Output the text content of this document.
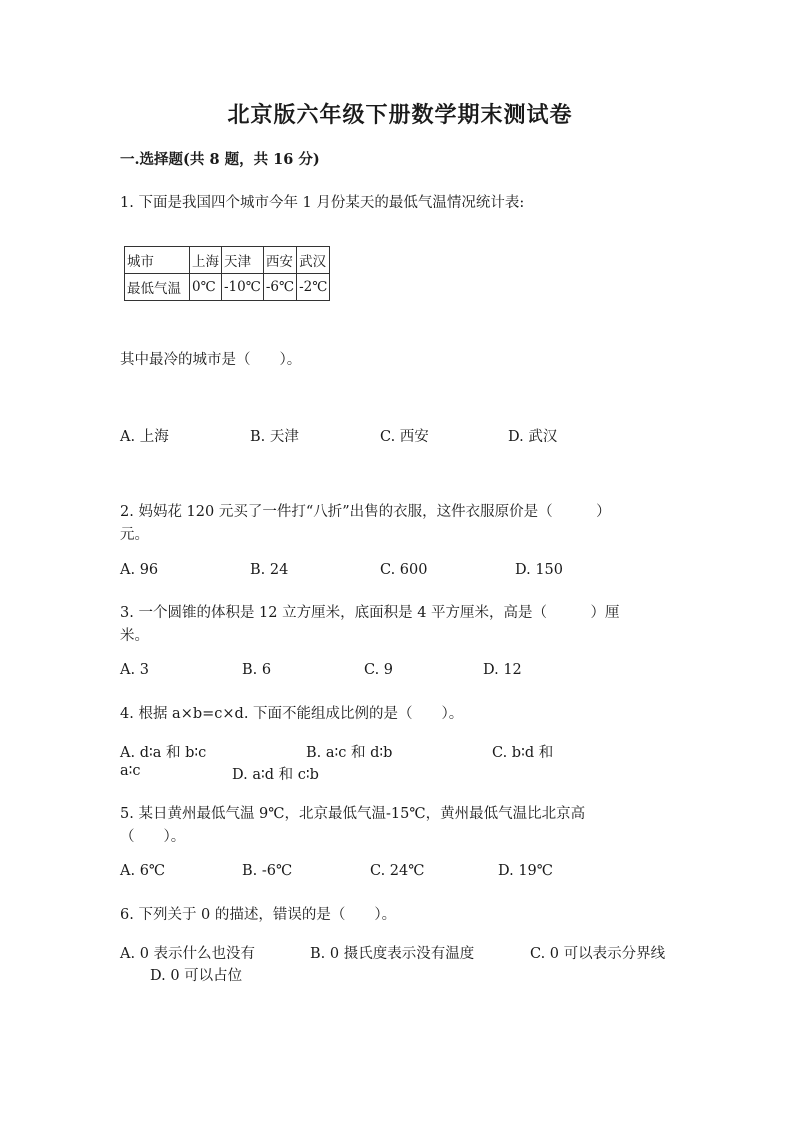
北京版六年级下册数学期末测试卷
一.选择题(共 8 题，共 16 分)
1. 下面是我国四个城市今年 1 月份某天的最低气温情况统计表:
城市	上海	天津	西安	武汉
最低气温	0℃	-10℃	-6℃	-2℃
其中最冷的城市是（　　）。
A. 上海	B. 天津	C. 西安	D. 武汉
2. 妈妈花 120 元买了一件打“八折”出售的衣服，这件衣服原价是（　　　）
元。
A. 96	B. 24	C. 600	D. 150
3. 一个圆锥的体积是 12 立方厘米，底面积是 4 平方厘米，高是（　　　）厘
米。
A. 3	B. 6	C. 9	D. 12
4. 根据 a×b=c×d. 下面不能组成比例的是（　　）。
A. d∶a 和 b∶c	B. a∶c 和 d∶b	C. b∶d 和
a∶c	D. a∶d 和 c∶b
5. 某日黄州最低气温 9℃，北京最低气温-15℃，黄州最低气温比北京高
（　　）。
A. 6℃	B. -6℃	C. 24℃	D. 19℃
6. 下列关于 0 的描述，错误的是（　　）。
A. 0 表示什么也没有	B. 0 摄氏度表示没有温度	C. 0 可以表示分界线
D. 0 可以占位
